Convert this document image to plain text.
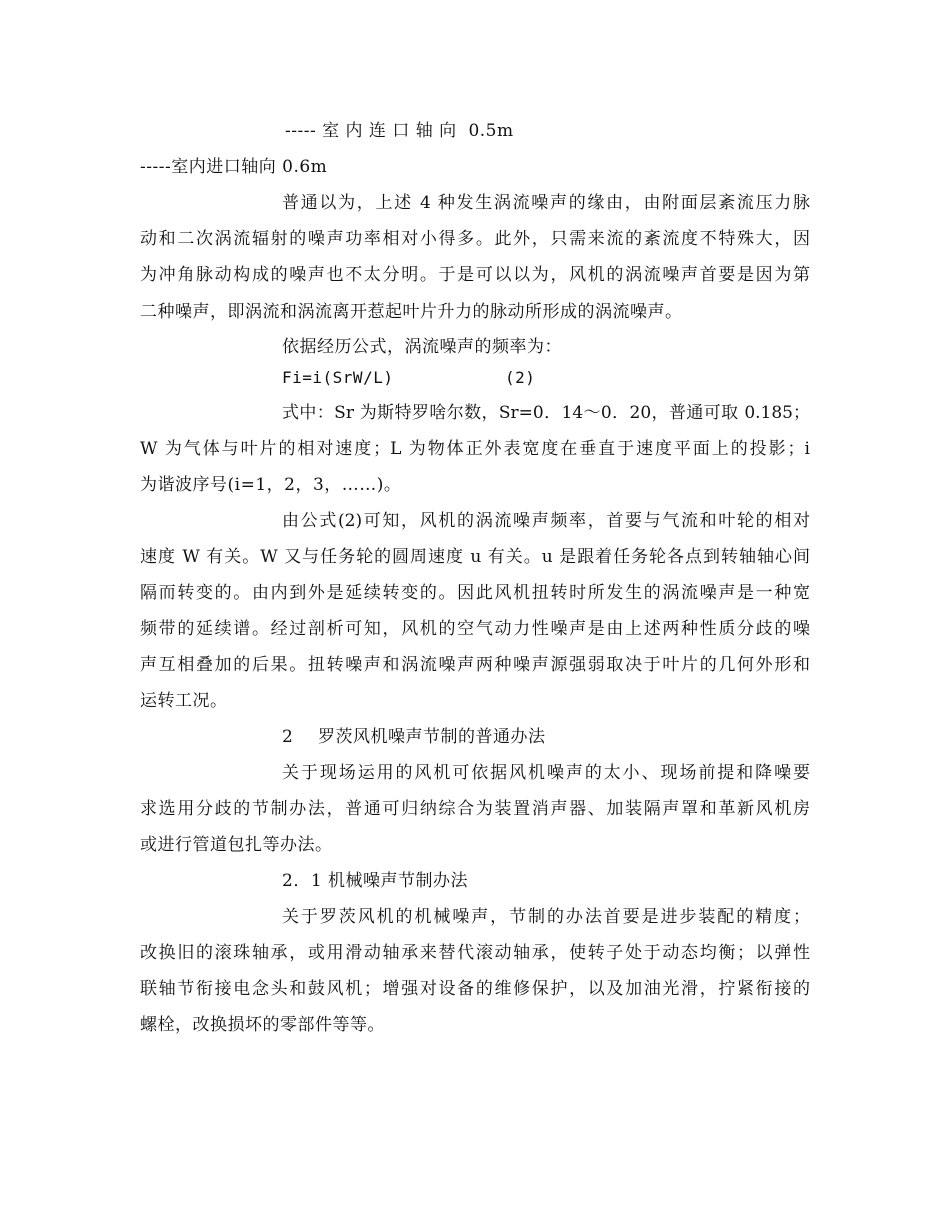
----- 室 内 连 口 轴 向  0.5m
-----室内进口轴向 0.6m
普通以为，上述 4 种发生涡流噪声的缘由，由附面层紊流压力脉
动和二次涡流辐射的噪声功率相对小得多。此外，只需来流的紊流度不特殊大，因
为冲角脉动构成的噪声也不太分明。于是可以以为，风机的涡流噪声首要是因为第
二种噪声，即涡流和涡流离开惹起叶片升力的脉动所形成的涡流噪声。
依据经历公式，涡流噪声的频率为：
Fi=i(SrW/L)	(2)
式中：Sr 为斯特罗啥尔数，Sr=0．14～0．20，普通可取 0.185；
W 为气体与叶片的相对速度；L 为物体正外表宽度在垂直于速度平面上的投影；i
为谐波序号(i=1，2，3，……)。
由公式(2)可知，风机的涡流噪声频率，首要与气流和叶轮的相对
速度 W 有关。W 又与任务轮的圆周速度 u 有关。u 是跟着任务轮各点到转轴轴心间
隔而转变的。由内到外是延续转变的。因此风机扭转时所发生的涡流噪声是一种宽
频带的延续谱。经过剖析可知，风机的空气动力性噪声是由上述两种性质分歧的噪
声互相叠加的后果。扭转噪声和涡流噪声两种噪声源强弱取决于叶片的几何外形和
运转工况。
2 罗茨风机噪声节制的普通办法
关于现场运用的风机可依据风机噪声的太小、现场前提和降噪要
求选用分歧的节制办法，普通可归纳综合为装置消声器、加装隔声罩和革新风机房
或进行管道包扎等办法。
2．1 机械噪声节制办法
关于罗茨风机的机械噪声，节制的办法首要是进步装配的精度；
改换旧的滚珠轴承，或用滑动轴承来替代滚动轴承，使转子处于动态均衡；以弹性
联轴节衔接电念头和鼓风机；增强对设备的维修保护，以及加油光滑，拧紧衔接的
螺栓，改换损坏的零部件等等。
